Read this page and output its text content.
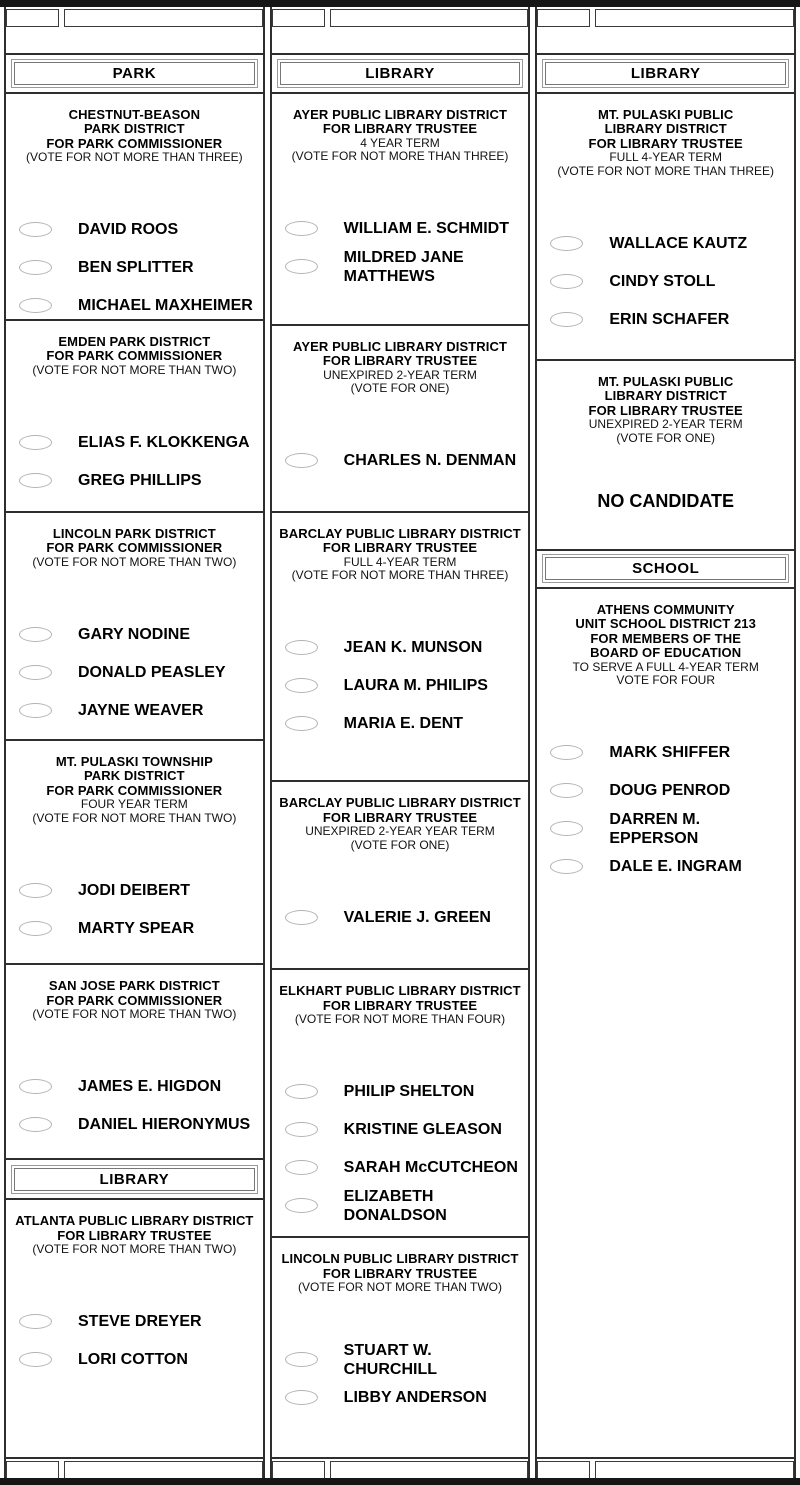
PARK
CHESTNUT-BEASON
PARK DISTRICT
FOR PARK COMMISSIONER
(VOTE FOR NOT MORE THAN THREE)
DAVID ROOS
BEN SPLITTER
MICHAEL MAXHEIMER
EMDEN PARK DISTRICT
FOR PARK COMMISSIONER
(VOTE FOR NOT MORE THAN TWO)
ELIAS F. KLOKKENGA
GREG PHILLIPS
LINCOLN PARK DISTRICT
FOR PARK COMMISSIONER
(VOTE FOR NOT MORE THAN TWO)
GARY NODINE
DONALD PEASLEY
JAYNE WEAVER
MT. PULASKI TOWNSHIP
PARK DISTRICT
FOR PARK COMMISSIONER
FOUR YEAR TERM
(VOTE FOR NOT MORE THAN TWO)
JODI DEIBERT
MARTY SPEAR
SAN JOSE PARK DISTRICT
FOR PARK COMMISSIONER
(VOTE FOR NOT MORE THAN TWO)
JAMES E. HIGDON
DANIEL HIERONYMUS
LIBRARY
ATLANTA PUBLIC LIBRARY DISTRICT
FOR LIBRARY TRUSTEE
(VOTE FOR NOT MORE THAN TWO)
STEVE DREYER
LORI COTTON
LIBRARY
AYER PUBLIC LIBRARY DISTRICT
FOR LIBRARY TRUSTEE
4 YEAR TERM
(VOTE FOR NOT MORE THAN THREE)
WILLIAM E. SCHMIDT
MILDRED JANE MATTHEWS
AYER PUBLIC LIBRARY DISTRICT
FOR LIBRARY TRUSTEE
UNEXPIRED 2-YEAR TERM
(VOTE FOR ONE)
CHARLES N. DENMAN
BARCLAY PUBLIC LIBRARY DISTRICT
FOR LIBRARY TRUSTEE
FULL 4-YEAR TERM
(VOTE FOR NOT MORE THAN THREE)
JEAN K. MUNSON
LAURA M. PHILIPS
MARIA E. DENT
BARCLAY PUBLIC LIBRARY DISTRICT
FOR LIBRARY TRUSTEE
UNEXPIRED 2-YEAR YEAR TERM
(VOTE FOR ONE)
VALERIE J. GREEN
ELKHART PUBLIC LIBRARY DISTRICT
FOR LIBRARY TRUSTEE
(VOTE FOR NOT MORE THAN FOUR)
PHILIP SHELTON
KRISTINE GLEASON
SARAH McCUTCHEON
ELIZABETH DONALDSON
LINCOLN PUBLIC LIBRARY DISTRICT
FOR LIBRARY TRUSTEE
(VOTE FOR NOT MORE THAN TWO)
STUART W. CHURCHILL
LIBBY ANDERSON
LIBRARY
MT. PULASKI PUBLIC
LIBRARY DISTRICT
FOR LIBRARY TRUSTEE
FULL 4-YEAR TERM
(VOTE FOR NOT MORE THAN THREE)
WALLACE KAUTZ
CINDY STOLL
ERIN SCHAFER
MT. PULASKI PUBLIC
LIBRARY DISTRICT
FOR LIBRARY TRUSTEE
UNEXPIRED 2-YEAR TERM
(VOTE FOR ONE)
NO CANDIDATE
SCHOOL
ATHENS COMMUNITY
UNIT SCHOOL DISTRICT 213
FOR MEMBERS OF THE
BOARD OF EDUCATION
TO SERVE A FULL 4-YEAR TERM
VOTE FOR FOUR
MARK SHIFFER
DOUG PENROD
DARREN M. EPPERSON
DALE E. INGRAM
